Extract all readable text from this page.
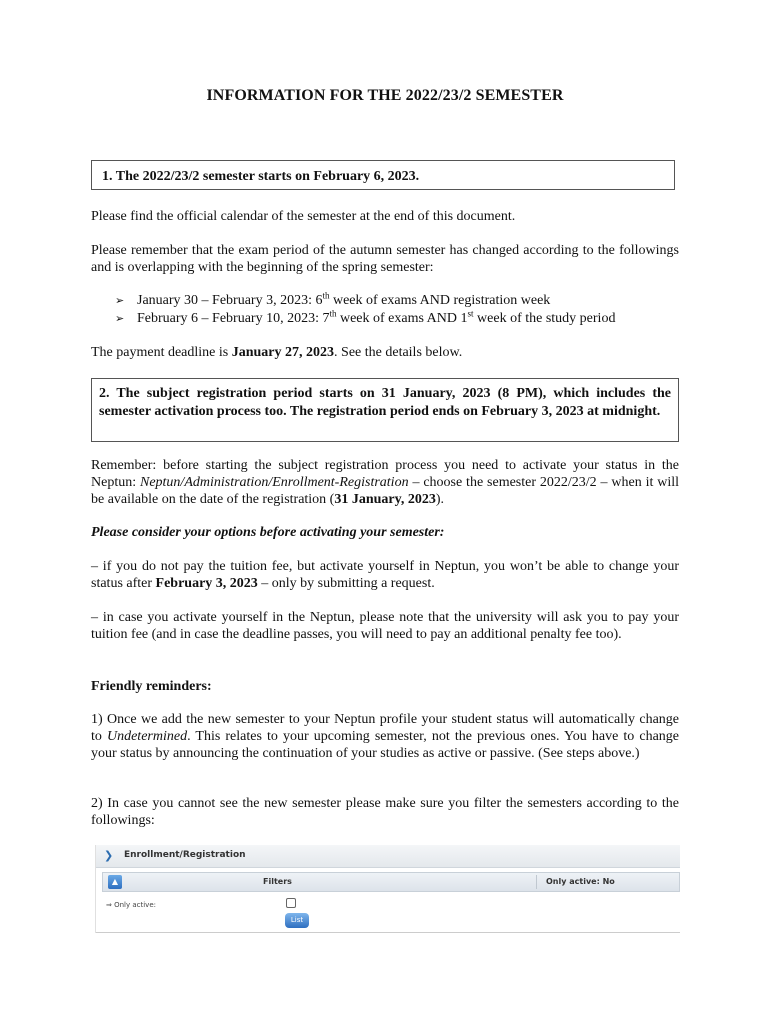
INFORMATION FOR THE 2022/23/2 SEMESTER
1. The 2022/23/2 semester starts on February 6, 2023.
Please find the official calendar of the semester at the end of this document.
Please remember that the exam period of the autumn semester has changed according to the followings and is overlapping with the beginning of the spring semester:
➢ January 30 – February 3, 2023: 6th week of exams AND registration week
➢ February 6 – February 10, 2023: 7th week of exams AND 1st week of the study period
The payment deadline is January 27, 2023. See the details below.
2. The subject registration period starts on 31 January, 2023 (8 PM), which includes the semester activation process too. The registration period ends on February 3, 2023 at midnight.
Remember: before starting the subject registration process you need to activate your status in the Neptun: Neptun/Administration/Enrollment-Registration – choose the semester 2022/23/2 – when it will be available on the date of the registration (31 January, 2023).
Please consider your options before activating your semester:
– if you do not pay the tuition fee, but activate yourself in Neptun, you won’t be able to change your status after February 3, 2023 – only by submitting a request.
– in case you activate yourself in the Neptun, please note that the university will ask you to pay your tuition fee (and in case the deadline passes, you will need to pay an additional penalty fee too).
Friendly reminders:
1) Once we add the new semester to your Neptun profile your student status will automatically change to Undetermined. This relates to your upcoming semester, not the previous ones. You have to change your status by announcing the continuation of your studies as active or passive. (See steps above.)
2) In case you cannot see the new semester please make sure you filter the semesters according to the followings:
❯ Enrollment/Registration
▲	Filters	Only active: No
⇒ Only active:
List
